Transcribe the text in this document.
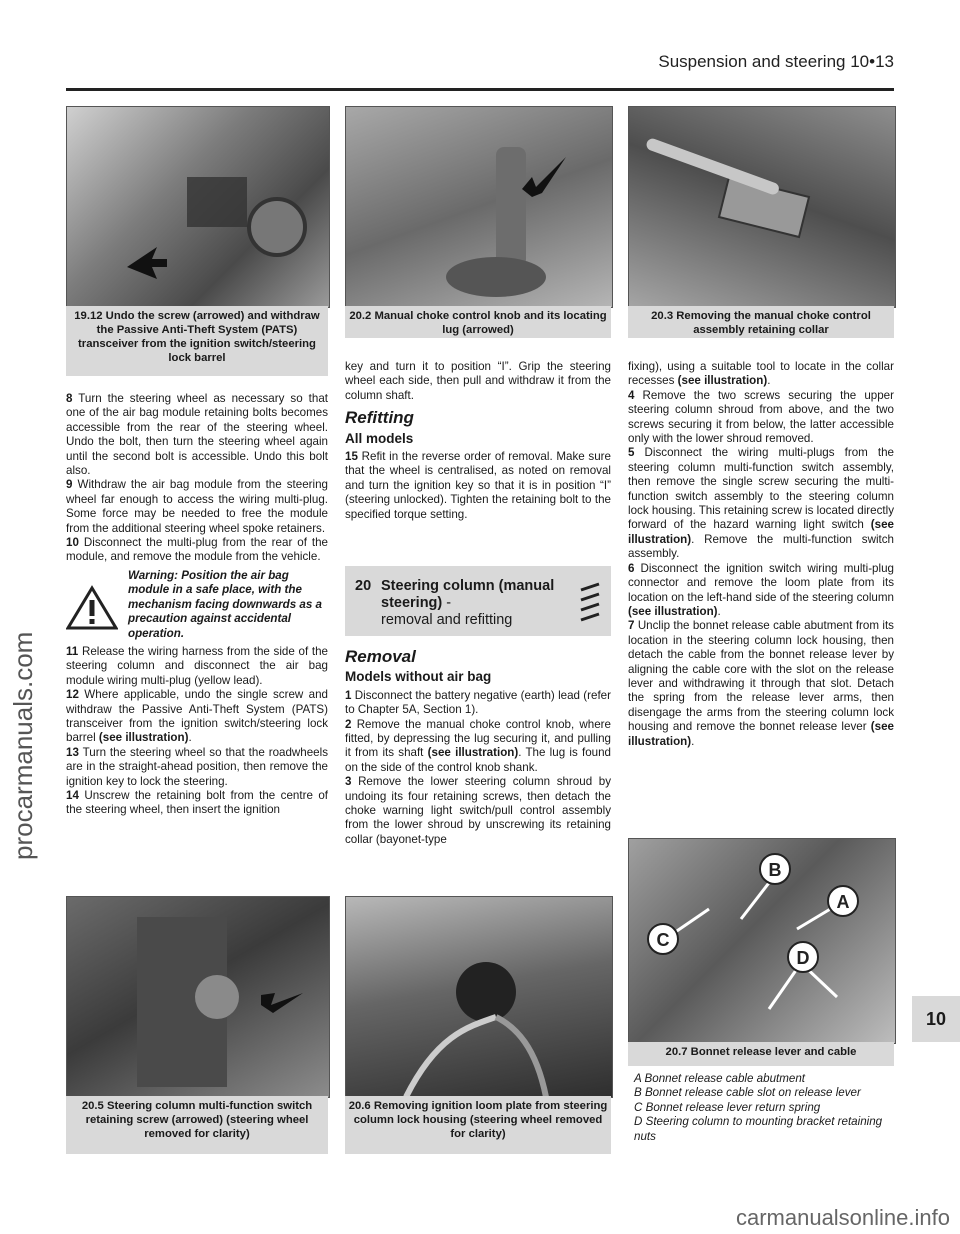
Suspension and steering 10•13
19.12 Undo the screw (arrowed) and withdraw the Passive Anti-Theft System (PATS) transceiver from the ignition switch/steering lock barrel
20.2 Manual choke control knob and its locating lug (arrowed)
20.3 Removing the manual choke control assembly retaining collar

8 Turn the steering wheel as necessary so that one of the air bag module retaining bolts becomes accessible from the rear of the steering wheel. Undo the bolt, then turn the steering wheel again until the second bolt is accessible. Undo this bolt also.

9 Withdraw the air bag module from the steering wheel far enough to access the wiring multi-plug. Some force may be needed to free the module from the additional steering wheel spoke retainers.

10 Disconnect the multi-plug from the rear of the module, and remove the module from the vehicle.

Warning: Position the air bag module in a safe place, with the mechanism facing downwards as a precaution against accidental operation.

11 Release the wiring harness from the side of the steering column and disconnect the air bag module wiring multi-plug (yellow lead).

12 Where applicable, undo the single screw and withdraw the Passive Anti-Theft System (PATS) transceiver from the ignition switch/steering lock barrel (see illustration).

13 Turn the steering wheel so that the roadwheels are in the straight-ahead position, then remove the ignition key to lock the steering.

14 Unscrew the retaining bolt from the centre of the steering wheel, then insert the ignition

key and turn it to position “I”. Grip the steering wheel each side, then pull and withdraw it from the column shaft.

Refitting
All models

15 Refit in the reverse order of removal. Make sure that the wheel is centralised, as noted on removal and turn the ignition key so that it is in position “I” (steering unlocked). Tighten the retaining bolt to the specified torque setting.

20 Steering column (manual steering) -
removal and refitting
Removal
Models without air bag

1 Disconnect the battery negative (earth) lead (refer to Chapter 5A, Section 1).

2 Remove the manual choke control knob, where fitted, by depressing the lug securing it, and pulling it from its shaft (see illustration). The lug is found on the side of the control knob shank.

3 Remove the lower steering column shroud by undoing its four retaining screws, then detach the choke warning light switch/pull control assembly from the lower shroud by unscrewing its retaining collar (bayonet-type

fixing), using a suitable tool to locate in the collar recesses (see illustration).

4 Remove the two screws securing the upper steering column shroud from above, and the two screws securing it from below, the latter accessible only with the lower shroud removed.

5 Disconnect the wiring multi-plugs from the steering column multi-function switch assembly, then remove the single screw securing the multi-function switch assembly to the steering column lock housing. This retaining screw is located directly forward of the hazard warning light switch (see illustration). Remove the multi-function switch assembly.

6 Disconnect the ignition switch wiring multi-plug connector and remove the loom plate from its location on the left-hand side of the steering column (see illustration).

7 Unclip the bonnet release cable abutment from its location in the steering column lock housing, then detach the cable from the bonnet release lever by aligning the cable core with the slot on the release lever and withdrawing it through that slot. Detach the spring from the release lever arms, then disengage the arms from the steering column lock housing and remove the bonnet release lever (see illustration).

B
A
C
D
20.5 Steering column multi-function switch retaining screw (arrowed) (steering wheel removed for clarity)
20.6 Removing ignition loom plate from steering column lock housing (steering wheel removed for clarity)
20.7 Bonnet release lever and cable
A Bonnet release cable abutment
B Bonnet release cable slot on release lever
C Bonnet release lever return spring
D Steering column to mounting bracket retaining nuts
10
procarmanuals.com
carmanualsonline.info
